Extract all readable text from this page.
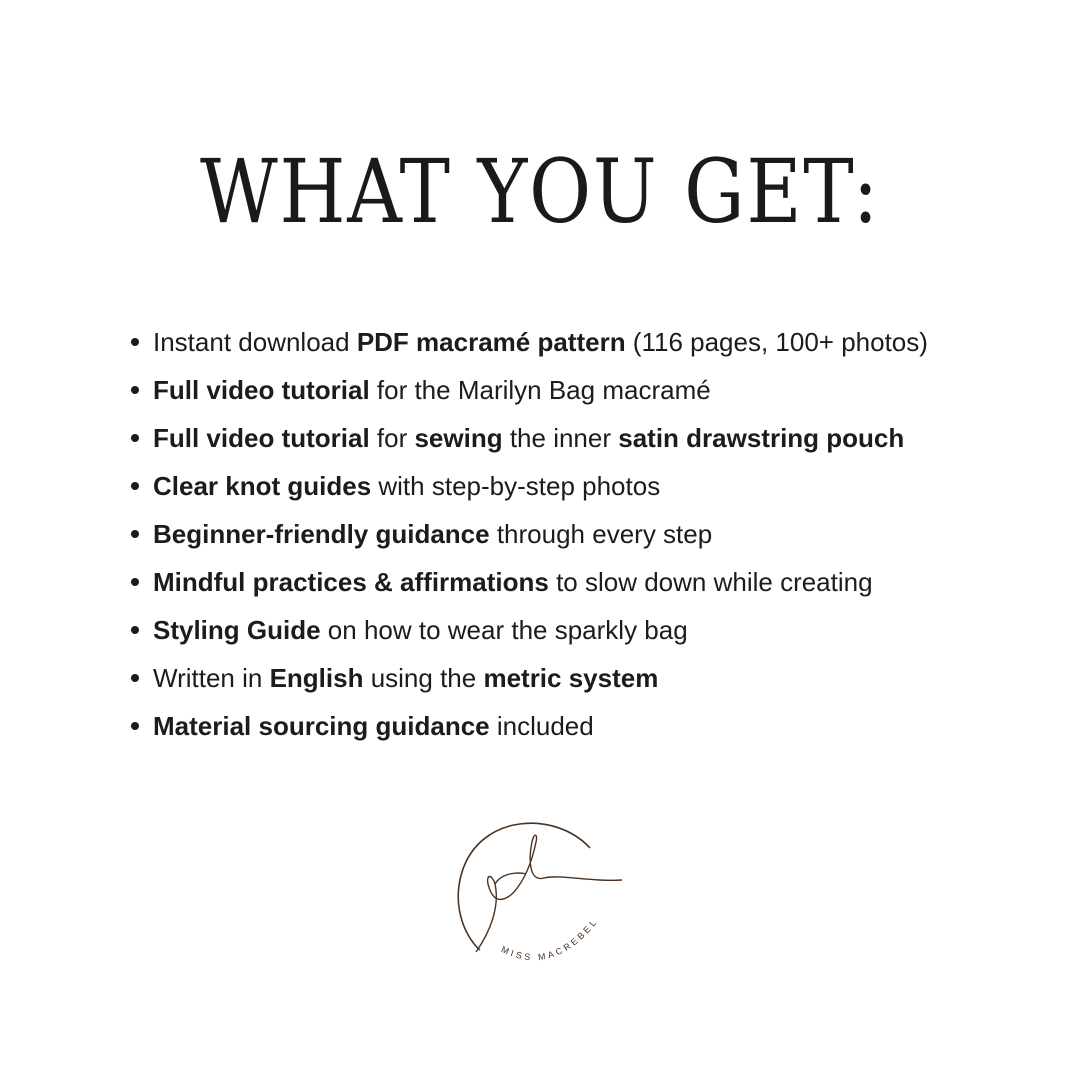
WHAT YOU GET:
Instant download PDF macramé pattern (116 pages, 100+ photos)
Full video tutorial for the Marilyn Bag macramé
Full video tutorial for sewing the inner satin drawstring pouch
Clear knot guides with step-by-step photos
Beginner-friendly guidance through every step
Mindful practices & affirmations to slow down while creating
Styling Guide on how to wear the sparkly bag
Written in English using the metric system
Material sourcing guidance included
MISS MACREBEL
